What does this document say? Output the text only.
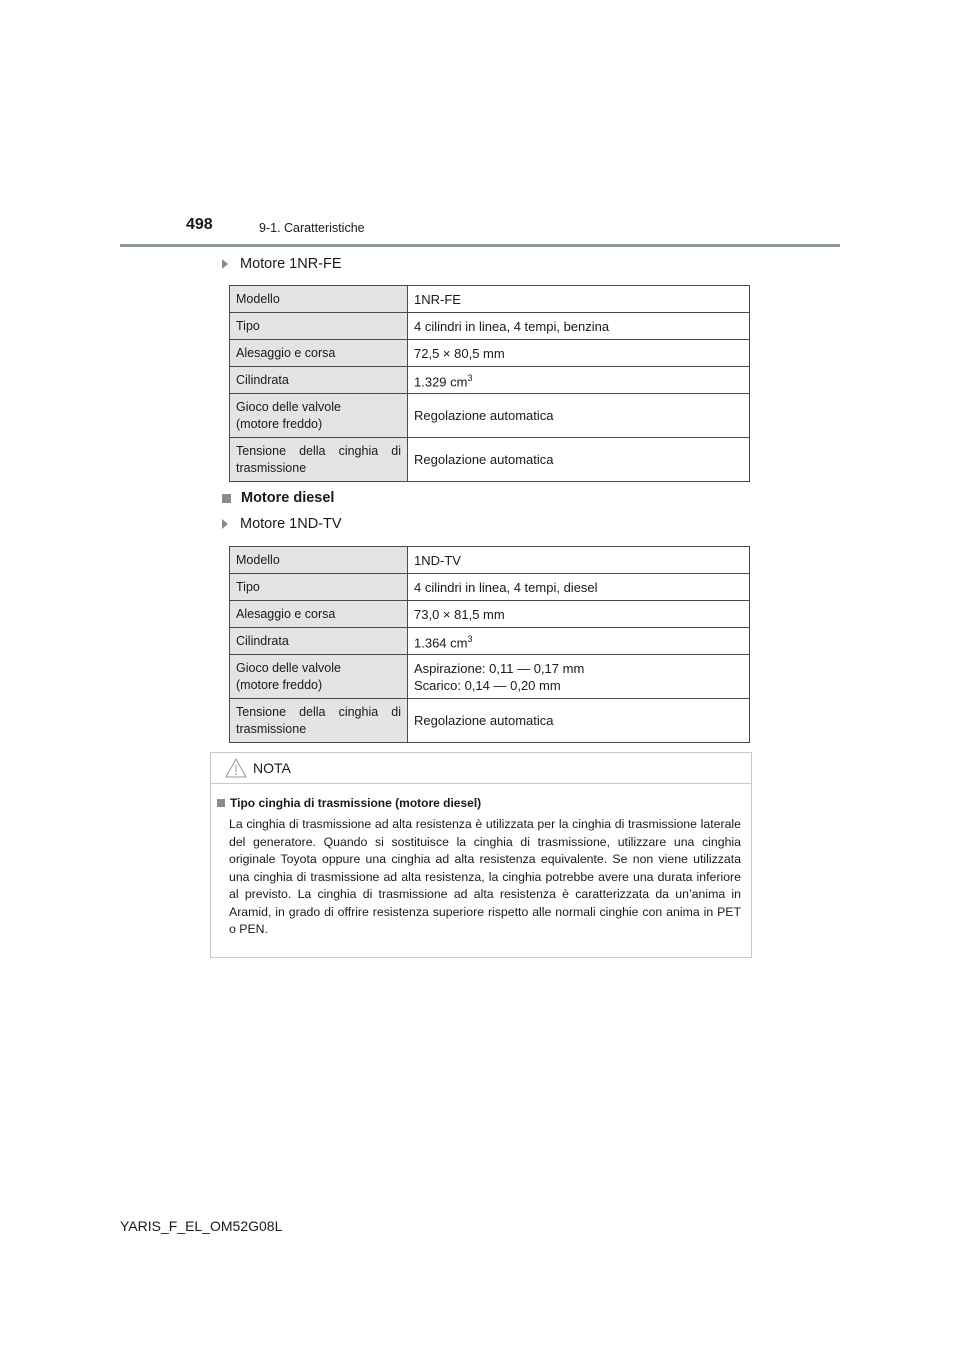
498	9-1. Caratteristiche
Motore 1NR-FE
Modello	1NR-FE
Tipo	4 cilindri in linea, 4 tempi, benzina
Alesaggio e corsa	72,5 × 80,5 mm
Cilindrata	1.329 $cm^3$

Gioco delle valvole
(motore freddo)	Regolazione automatica

Tensione della cinghia di
trasmissione	Regolazione automatica
Motore diesel
Motore 1ND-TV
Modello	1ND-TV
Tipo	4 cilindri in linea, 4 tempi, diesel
Alesaggio e corsa	73,0 × 81,5 mm
Cilindrata	1.364 $cm^3$

Gioco delle valvole
(motore freddo)	Aspirazione: 0,11 — 0,17 mm
Scarico: 0,14 — 0,20 mm

Tensione della cinghia di
trasmissione	Regolazione automatica
NOTA
Tipo cinghia di trasmissione (motore diesel)
La cinghia di trasmissione ad alta resistenza è utilizzata per la cinghia di trasmissione laterale del generatore. Quando si sostituisce la cinghia di trasmissione, utilizzare una cinghia originale Toyota oppure una cinghia ad alta resistenza equivalente. Se non viene utilizzata una cinghia di trasmissione ad alta resistenza, la cinghia potrebbe avere una durata inferiore al previsto. La cinghia di trasmissione ad alta resistenza è caratterizzata da un’anima in Aramid, in grado di offrire resistenza superiore rispetto alle normali cinghie con anima in PET o PEN.
YARIS_F_EL_OM52G08L
